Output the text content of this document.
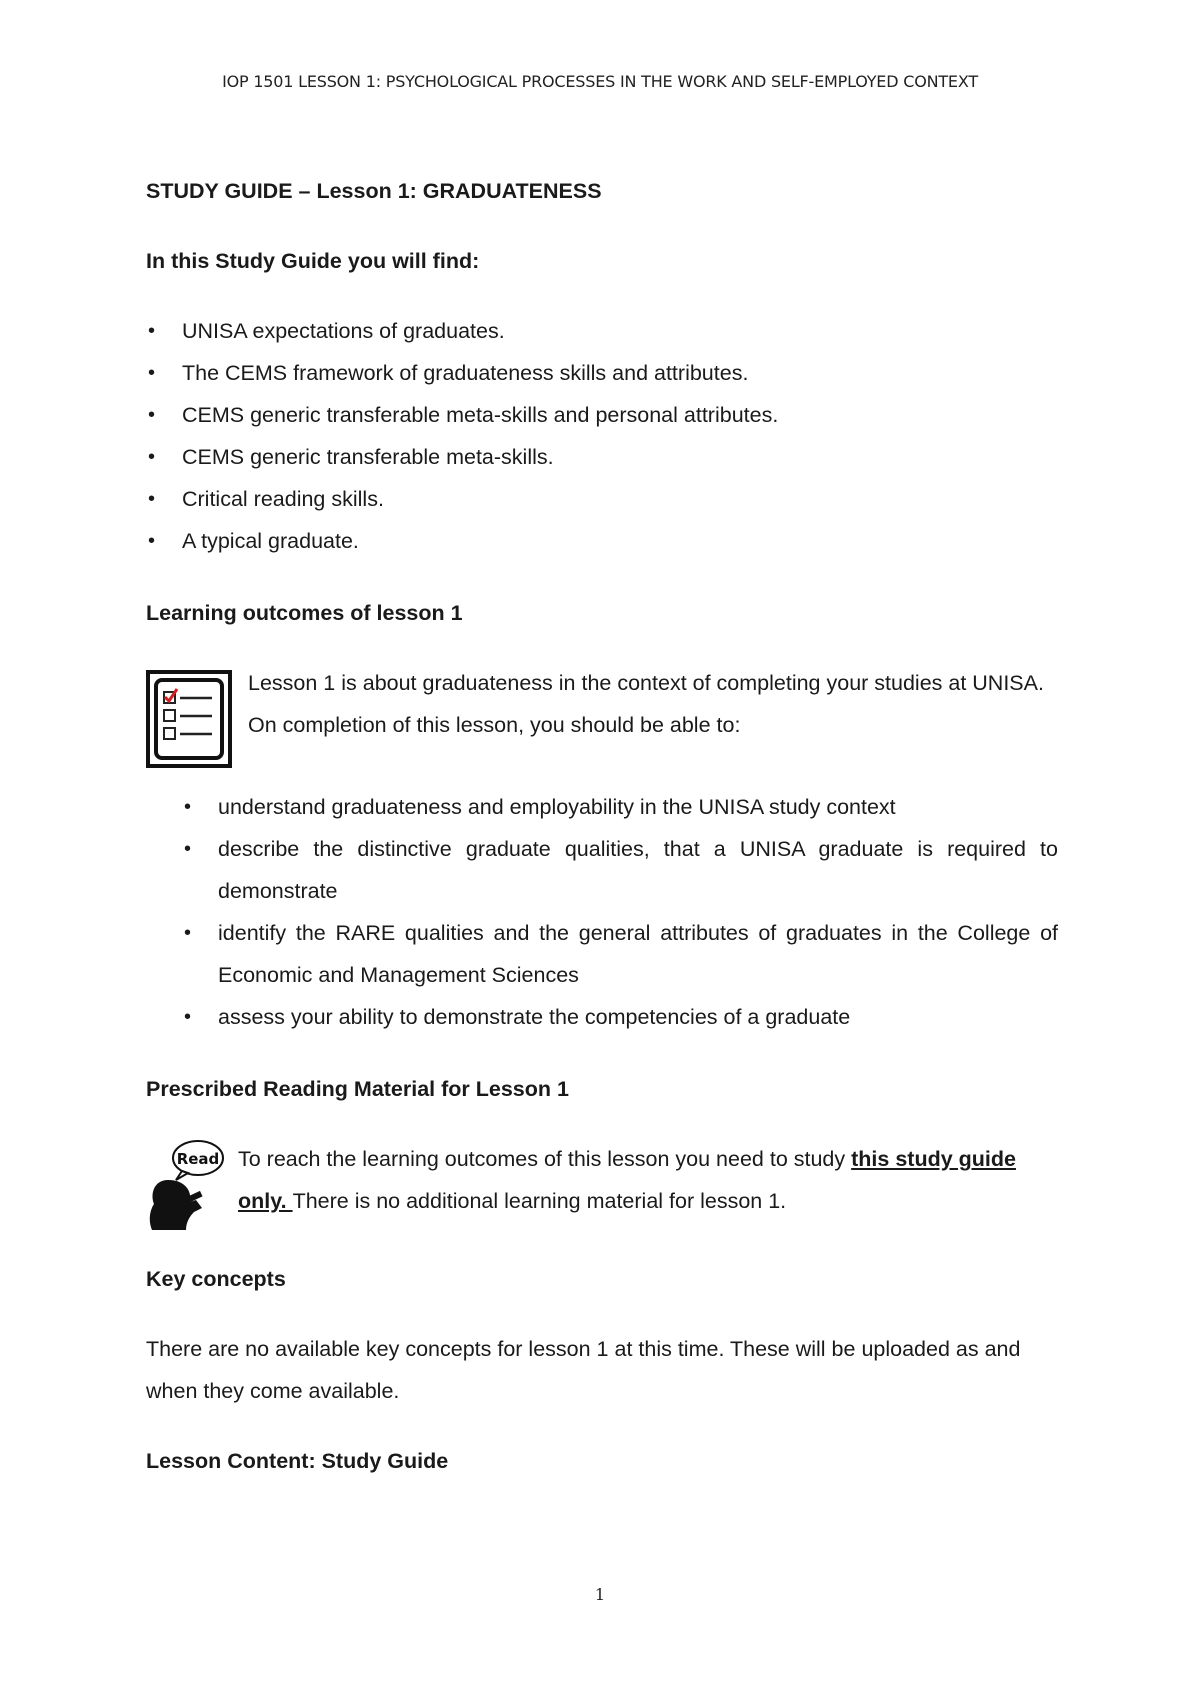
IOP 1501 LESSON 1: PSYCHOLOGICAL PROCESSES IN THE WORK AND SELF-EMPLOYED CONTEXT
STUDY GUIDE – Lesson 1: GRADUATENESS
In this Study Guide you will find:
• UNISA expectations of graduates.
• The CEMS framework of graduateness skills and attributes.
• CEMS generic transferable meta-skills and personal attributes.
• CEMS generic transferable meta-skills.
• Critical reading skills.
• A typical graduate.
Learning outcomes of lesson 1

Lesson 1 is about graduateness in the context of completing your studies at UNISA. On completion of this lesson, you should be able to:

• understand graduateness and employability in the UNISA study context
• describe the distinctive graduate qualities, that a UNISA graduate is required to demonstrate
• identify the RARE qualities and the general attributes of graduates in the College of Economic and Management Sciences
• assess your ability to demonstrate the competencies of a graduate
Prescribed Reading Material for Lesson 1
Read To reach the learning outcomes of this lesson you need to study this study guide only. There is no additional learning material for lesson 1.

Key concepts

There are no available key concepts for lesson 1 at this time. These will be uploaded as and when they come available.

Lesson Content: Study Guide
1
